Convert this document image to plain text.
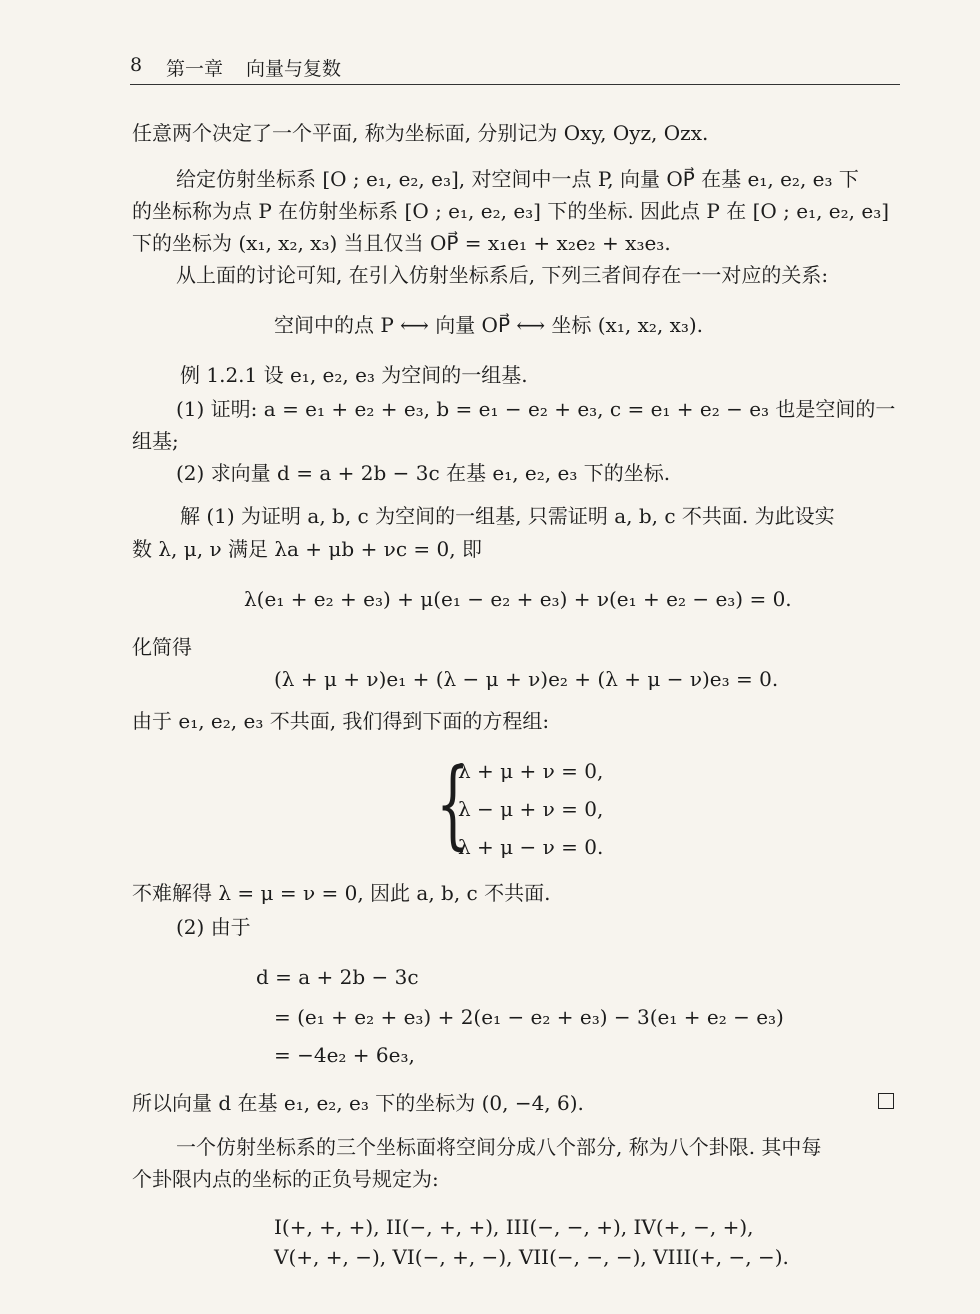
8 第一章 向量与复数
任意两个决定了一个平面, 称为坐标面, 分别记为 Oxy, Oyz, Ozx.
给定仿射坐标系 [O ; e₁, e₂, e₃], 对空间中一点 P, 向量 OP⃗ 在基 e₁, e₂, e₃ 下
的坐标称为点 P 在仿射坐标系 [O ; e₁, e₂, e₃] 下的坐标. 因此点 P 在 [O ; e₁, e₂, e₃]
下的坐标为 (x₁, x₂, x₃) 当且仅当 OP⃗ = x₁e₁ + x₂e₂ + x₃e₃.
从上面的讨论可知, 在引入仿射坐标系后, 下列三者间存在一一对应的关系:
空间中的点 P ⟷ 向量 OP⃗ ⟷ 坐标 (x₁, x₂, x₃).
例 1.2.1 设 e₁, e₂, e₃ 为空间的一组基.
(1) 证明: a = e₁ + e₂ + e₃, b = e₁ − e₂ + e₃, c = e₁ + e₂ − e₃ 也是空间的一
组基;
(2) 求向量 d = a + 2b − 3c 在基 e₁, e₂, e₃ 下的坐标.
解 (1) 为证明 a, b, c 为空间的一组基, 只需证明 a, b, c 不共面. 为此设实
数 λ, μ, ν 满足 λa + μb + νc = 0, 即
λ(e₁ + e₂ + e₃) + μ(e₁ − e₂ + e₃) + ν(e₁ + e₂ − e₃) = 0.
化简得
(λ + μ + ν)e₁ + (λ − μ + ν)e₂ + (λ + μ − ν)e₃ = 0.
由于 e₁, e₂, e₃ 不共面, 我们得到下面的方程组:
{
λ + μ + ν = 0,
λ − μ + ν = 0,
λ + μ − ν = 0.
不难解得 λ = μ = ν = 0, 因此 a, b, c 不共面.
(2) 由于
d = a + 2b − 3c
= (e₁ + e₂ + e₃) + 2(e₁ − e₂ + e₃) − 3(e₁ + e₂ − e₃)
= −4e₂ + 6e₃,
所以向量 d 在基 e₁, e₂, e₃ 下的坐标为 (0, −4, 6).
一个仿射坐标系的三个坐标面将空间分成八个部分, 称为八个卦限. 其中每
个卦限内点的坐标的正负号规定为:
I(+, +, +), II(−, +, +), III(−, −, +), IV(+, −, +),
V(+, +, −), VI(−, +, −), VII(−, −, −), VIII(+, −, −).
